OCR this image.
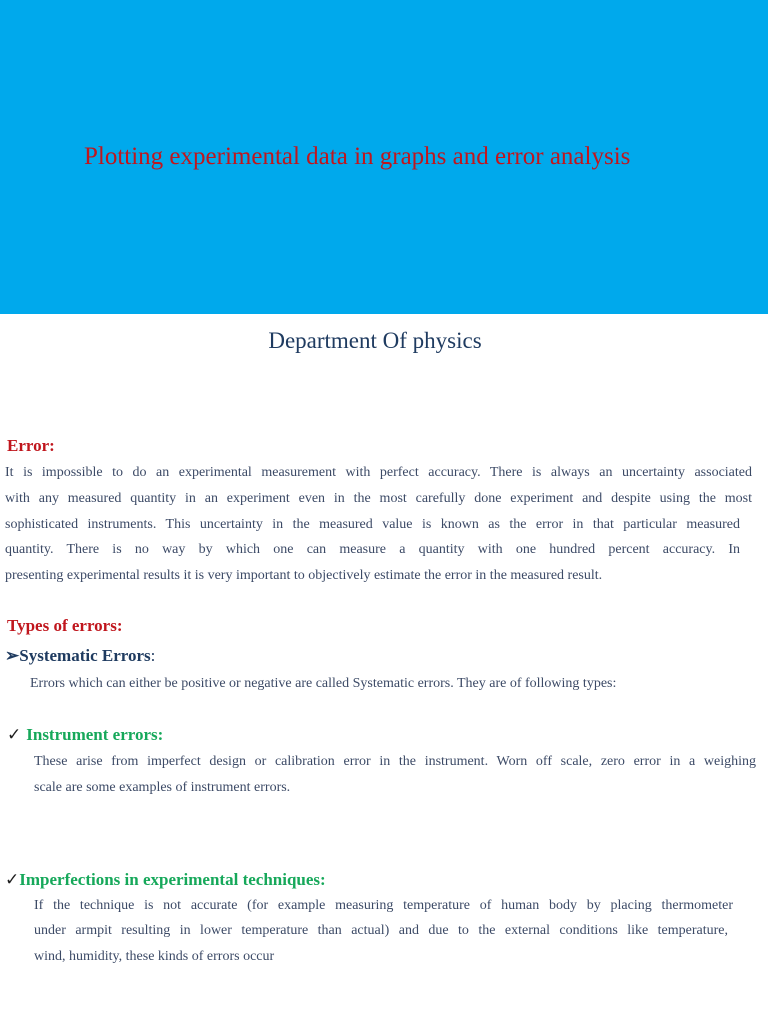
Plotting experimental data in graphs and error analysis
Department Of physics
Error:
It is impossible to do an experimental measurement with perfect accuracy. There is always an uncertainty associated
with any measured quantity in an experiment even in the most carefully done experiment and despite using the most
sophisticated instruments. This uncertainty in the measured value is known as the error in that particular measured
quantity. There is no way by which one can measure a quantity with one hundred percent accuracy. In
presenting experimental results it is very important to objectively estimate the error in the measured result.
Types of errors:
➢Systematic Errors:
Errors which can either be positive or negative are called Systematic errors. They are of following types:
✓ Instrument errors:
These arise from imperfect design or calibration error in the instrument. Worn off scale, zero error in a weighing
scale are some examples of instrument errors.
✓Imperfections in experimental techniques:
If the technique is not accurate (for example measuring temperature of human body by placing thermometer
under armpit resulting in lower temperature than actual) and due to the external conditions like temperature,
wind, humidity, these kinds of errors occur
